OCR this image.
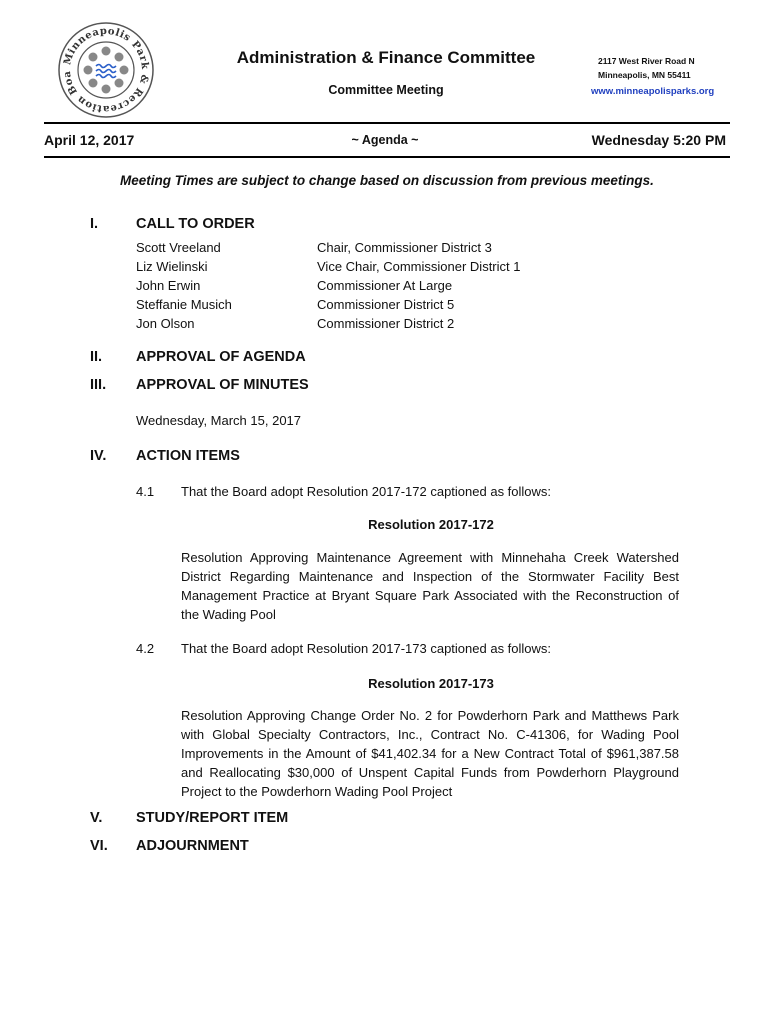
Minneapolis Park & Recreation Boa
Administration & Finance Committee
Committee Meeting
2117 West River Road N
Minneapolis, MN 55411
www.minneapolisparks.org
April 12, 2017	~ Agenda ~	Wednesday 5:20 PM
Meeting Times are subject to change based on discussion from previous meetings.
I.	CALL TO ORDER
Scott Vreeland	Chair, Commissioner District 3
Liz Wielinski	Vice Chair, Commissioner District 1
John Erwin	Commissioner At Large
Steffanie Musich	Commissioner District 5
Jon Olson	Commissioner District 2
II. APPROVAL OF AGENDA
III. APPROVAL OF MINUTES
Wednesday, March 15, 2017
IV. ACTION ITEMS
4.1 That the Board adopt Resolution 2017-172 captioned as follows:
Resolution 2017-172
Resolution Approving Maintenance Agreement with Minnehaha Creek Watershed District Regarding Maintenance and Inspection of the Stormwater Facility Best Management Practice at Bryant Square Park Associated with the Reconstruction of the Wading Pool
4.2 That the Board adopt Resolution 2017-173 captioned as follows:
Resolution 2017-173
Resolution Approving Change Order No. 2 for Powderhorn Park and Matthews Park with Global Specialty Contractors, Inc., Contract No. C-41306, for Wading Pool Improvements in the Amount of $41,402.34 for a New Contract Total of $961,387.58 and Reallocating $30,000 of Unspent Capital Funds from Powderhorn Playground Project to the Powderhorn Wading Pool Project
V. STUDY/REPORT ITEM
VI. ADJOURNMENT
